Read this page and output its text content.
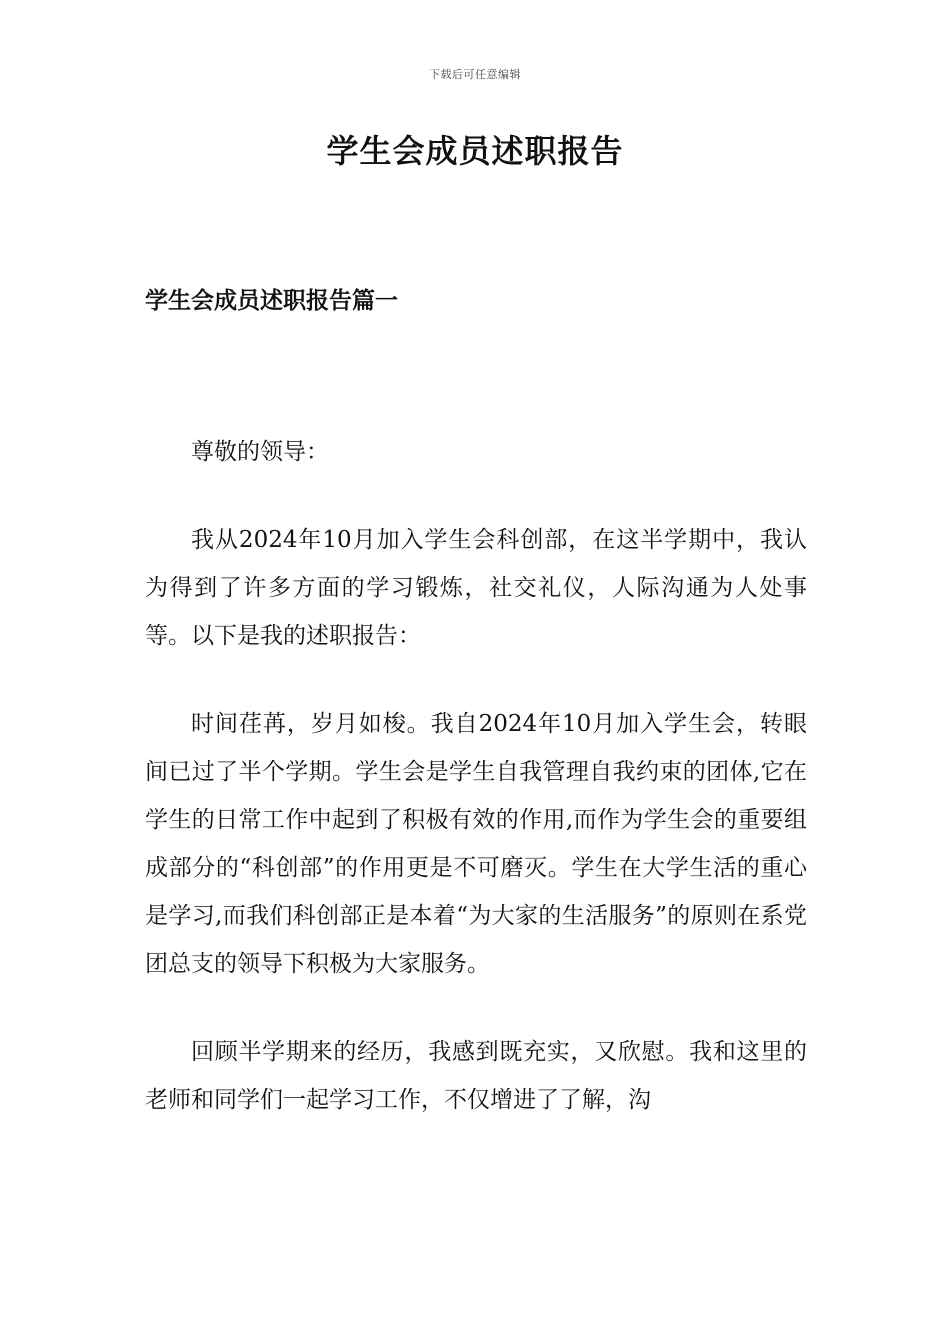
下载后可任意编辑
学生会成员述职报告
学生会成员述职报告篇一

尊敬的领导：

我从2024年10月加入学生会科创部，在这半学期中，我认为得到了许多方面的学习锻炼，社交礼仪，人际沟通为人处事等。以下是我的述职报告：

时间荏苒，岁月如梭。我自2024年10月加入学生会，转眼间已过了半个学期。学生会是学生自我管理自我约束的团体,它在学生的日常工作中起到了积极有效的作用,而作为学生会的重要组成部分的“科创部”的作用更是不可磨灭。学生在大学生活的重心是学习,而我们科创部正是本着“为大家的生活服务”的原则在系党团总支的领导下积极为大家服务。

回顾半学期来的经历，我感到既充实，又欣慰。我和这里的老师和同学们一起学习工作，不仅增进了了解，沟
